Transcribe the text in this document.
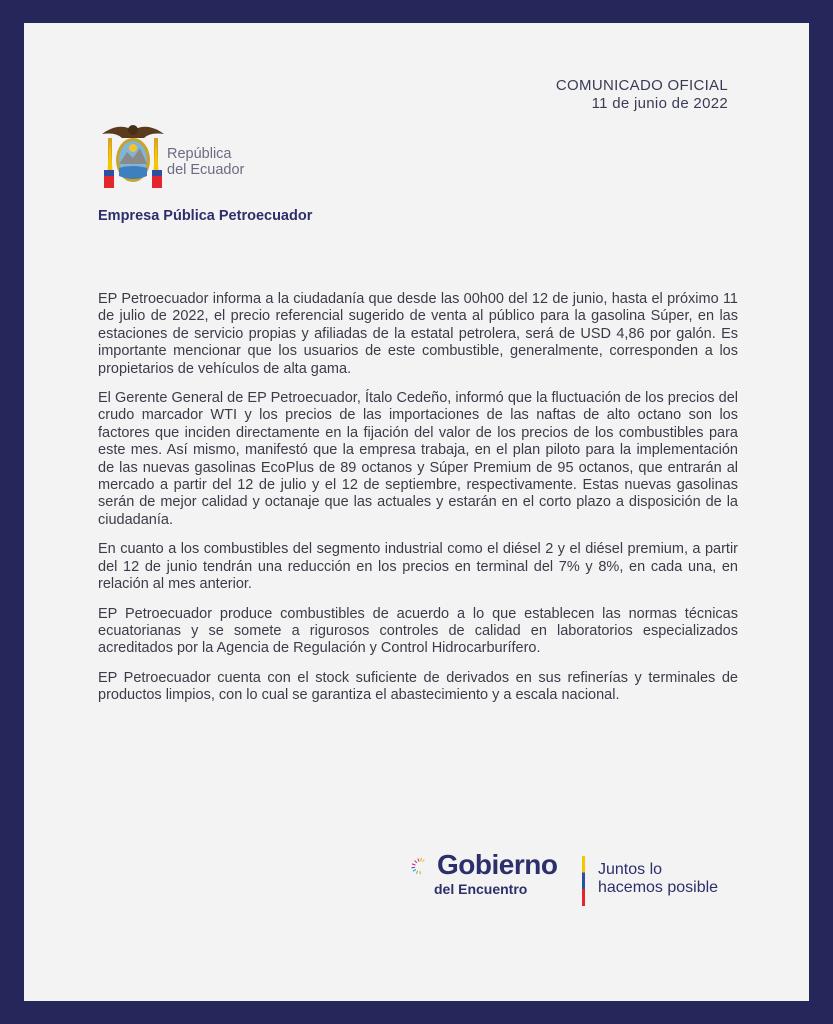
COMUNICADO OFICIAL
11 de junio de 2022
República
del Ecuador
Empresa Pública Petroecuador

EP Petroecuador informa a la ciudadanía que desde las 00h00 del 12 de junio, hasta el próximo 11 de julio de 2022, el precio referencial sugerido de venta al público para la gasolina Súper, en las estaciones de servicio propias y afiliadas de la estatal petrolera, será de USD 4,86 por galón. Es importante mencionar que los usuarios de este combustible, generalmente, corresponden a los propietarios de vehículos de alta gama.

El Gerente General de EP Petroecuador, Ítalo Cedeño, informó que la fluctuación de los precios del crudo marcador WTI y los precios de las importaciones de las naftas de alto octano son los factores que inciden directamente en la fijación del valor de los precios de los combustibles para este mes. Así mismo, manifestó que la empresa trabaja, en el plan piloto para la implementación de las nuevas gasolinas EcoPlus de 89 octanos y Súper Premium de 95 octanos, que entrarán al mercado a partir del 12 de julio y el 12 de septiembre, respectivamente. Estas nuevas gasolinas serán de mejor calidad y octanaje que las actuales y estarán en el corto plazo a disposición de la ciudadanía.

En cuanto a los combustibles del segmento industrial como el diésel 2 y el diésel premium, a partir del 12 de junio tendrán una reducción en los precios en terminal del 7% y 8%, en cada una, en relación al mes anterior.

EP Petroecuador produce combustibles de acuerdo a lo que establecen las normas técnicas ecuatorianas y se somete a rigurosos controles de calidad en laboratorios especializados acreditados por la Agencia de Regulación y Control Hidrocarburífero.

EP Petroecuador cuenta con el stock suficiente de derivados en sus refinerías y terminales de productos limpios, con lo cual se garantiza el abastecimiento y a escala nacional.

Gobierno
del Encuentro
Juntos lo
hacemos posible
